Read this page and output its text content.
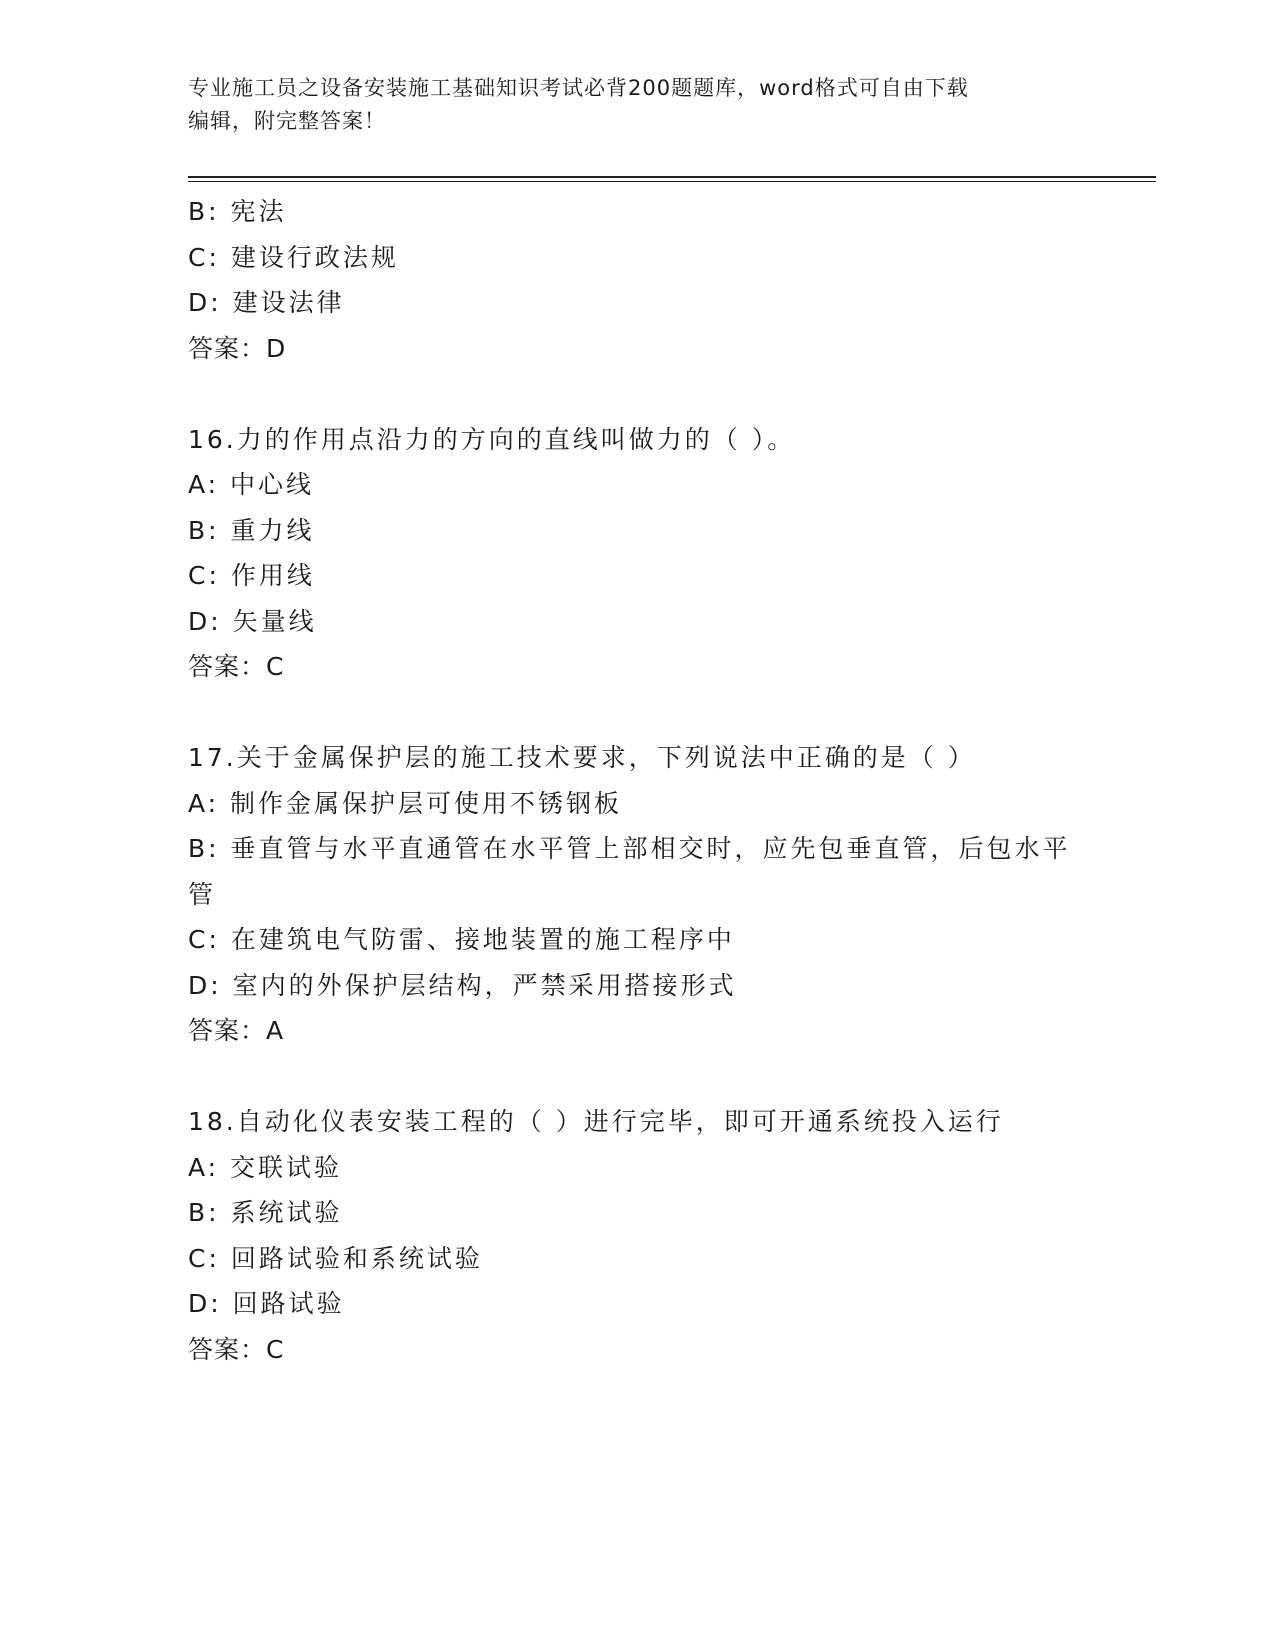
专业施工员之设备安装施工基础知识考试必背200题题库，word格式可自由下载
编辑，附完整答案！

B: 宪法

C: 建设行政法规

D: 建设法律

答案：D

16.力的作用点沿力的方向的直线叫做力的（ ）。

A: 中心线

B: 重力线

C: 作用线

D: 矢量线

答案：C

17.关于金属保护层的施工技术要求，下列说法中正确的是（ ）

A: 制作金属保护层可使用不锈钢板

B: 垂直管与水平直通管在水平管上部相交时，应先包垂直管，后包水平管

C: 在建筑电气防雷、接地装置的施工程序中

D: 室内的外保护层结构，严禁采用搭接形式

答案：A

18.自动化仪表安装工程的（ ）进行完毕，即可开通系统投入运行

A: 交联试验

B: 系统试验

C: 回路试验和系统试验

D: 回路试验

答案：C
